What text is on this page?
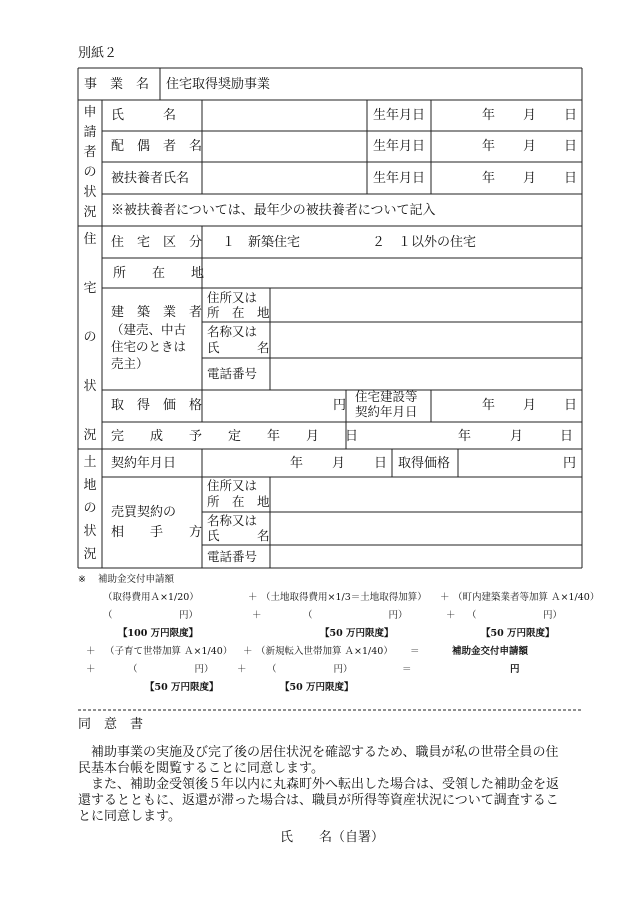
別紙２
事　業　名 住宅取得奨励事業
申
請
者
の
状
況
氏　　　名	生年月日	年 月 日
配　偶　者　名	生年月日	年 月 日
被扶養者氏名	生年月日	年 月 日
※被扶養者については、最年少の被扶養者について記入
住
宅
の
状
況
住　宅　区　分 １　新築住宅	２　１以外の住宅
所　　在　　地
建　築　業　者
（建売、中古
住宅のときは
売主）
住所又は
所　在　地
名称又は
氏　　　名
電話番号
取　得　価　格	円
住宅建設等
契約年月日	年 月 日
完　　成　　予　　定　　年　　月　　日	年	月	日
土
地
の
状
況
契約年月日	年 月 日 取得価格	円
売買契約の
相　　手　　方
住所又は
所　在　地
名称又は
氏　　　名
電話番号
※ 補助金交付申請額
（取得費用Ａ×1/20）	＋ （土地取得費用×1/3＝土地取得加算） ＋ （町内建築業者等加算 Ａ×1/40）
（　　　　　　　円）	＋	（　　　　　　　　円）	＋ （　　　　　　　円）
【100 万円限度】	【50 万円限度】	【50 万円限度】
＋ （子育て世帯加算 Ａ×1/40） ＋ （新規転入世帯加算 Ａ×1/40） ＝	補助金交付申請額
＋	（　　　　　　円） ＋ （　　　　　　円）	＝	円
【50 万円限度】	【50 万円限度】
同　意　書
　補助事業の実施及び完了後の居住状況を確認するため、職員が私の世帯全員の住
民基本台帳を閲覧することに同意します。
　また、補助金受領後５年以内に丸森町外へ転出した場合は、受領した補助金を返
還するとともに、返還が滞った場合は、職員が所得等資産状況について調査するこ
とに同意します。
氏　　名（自署）
